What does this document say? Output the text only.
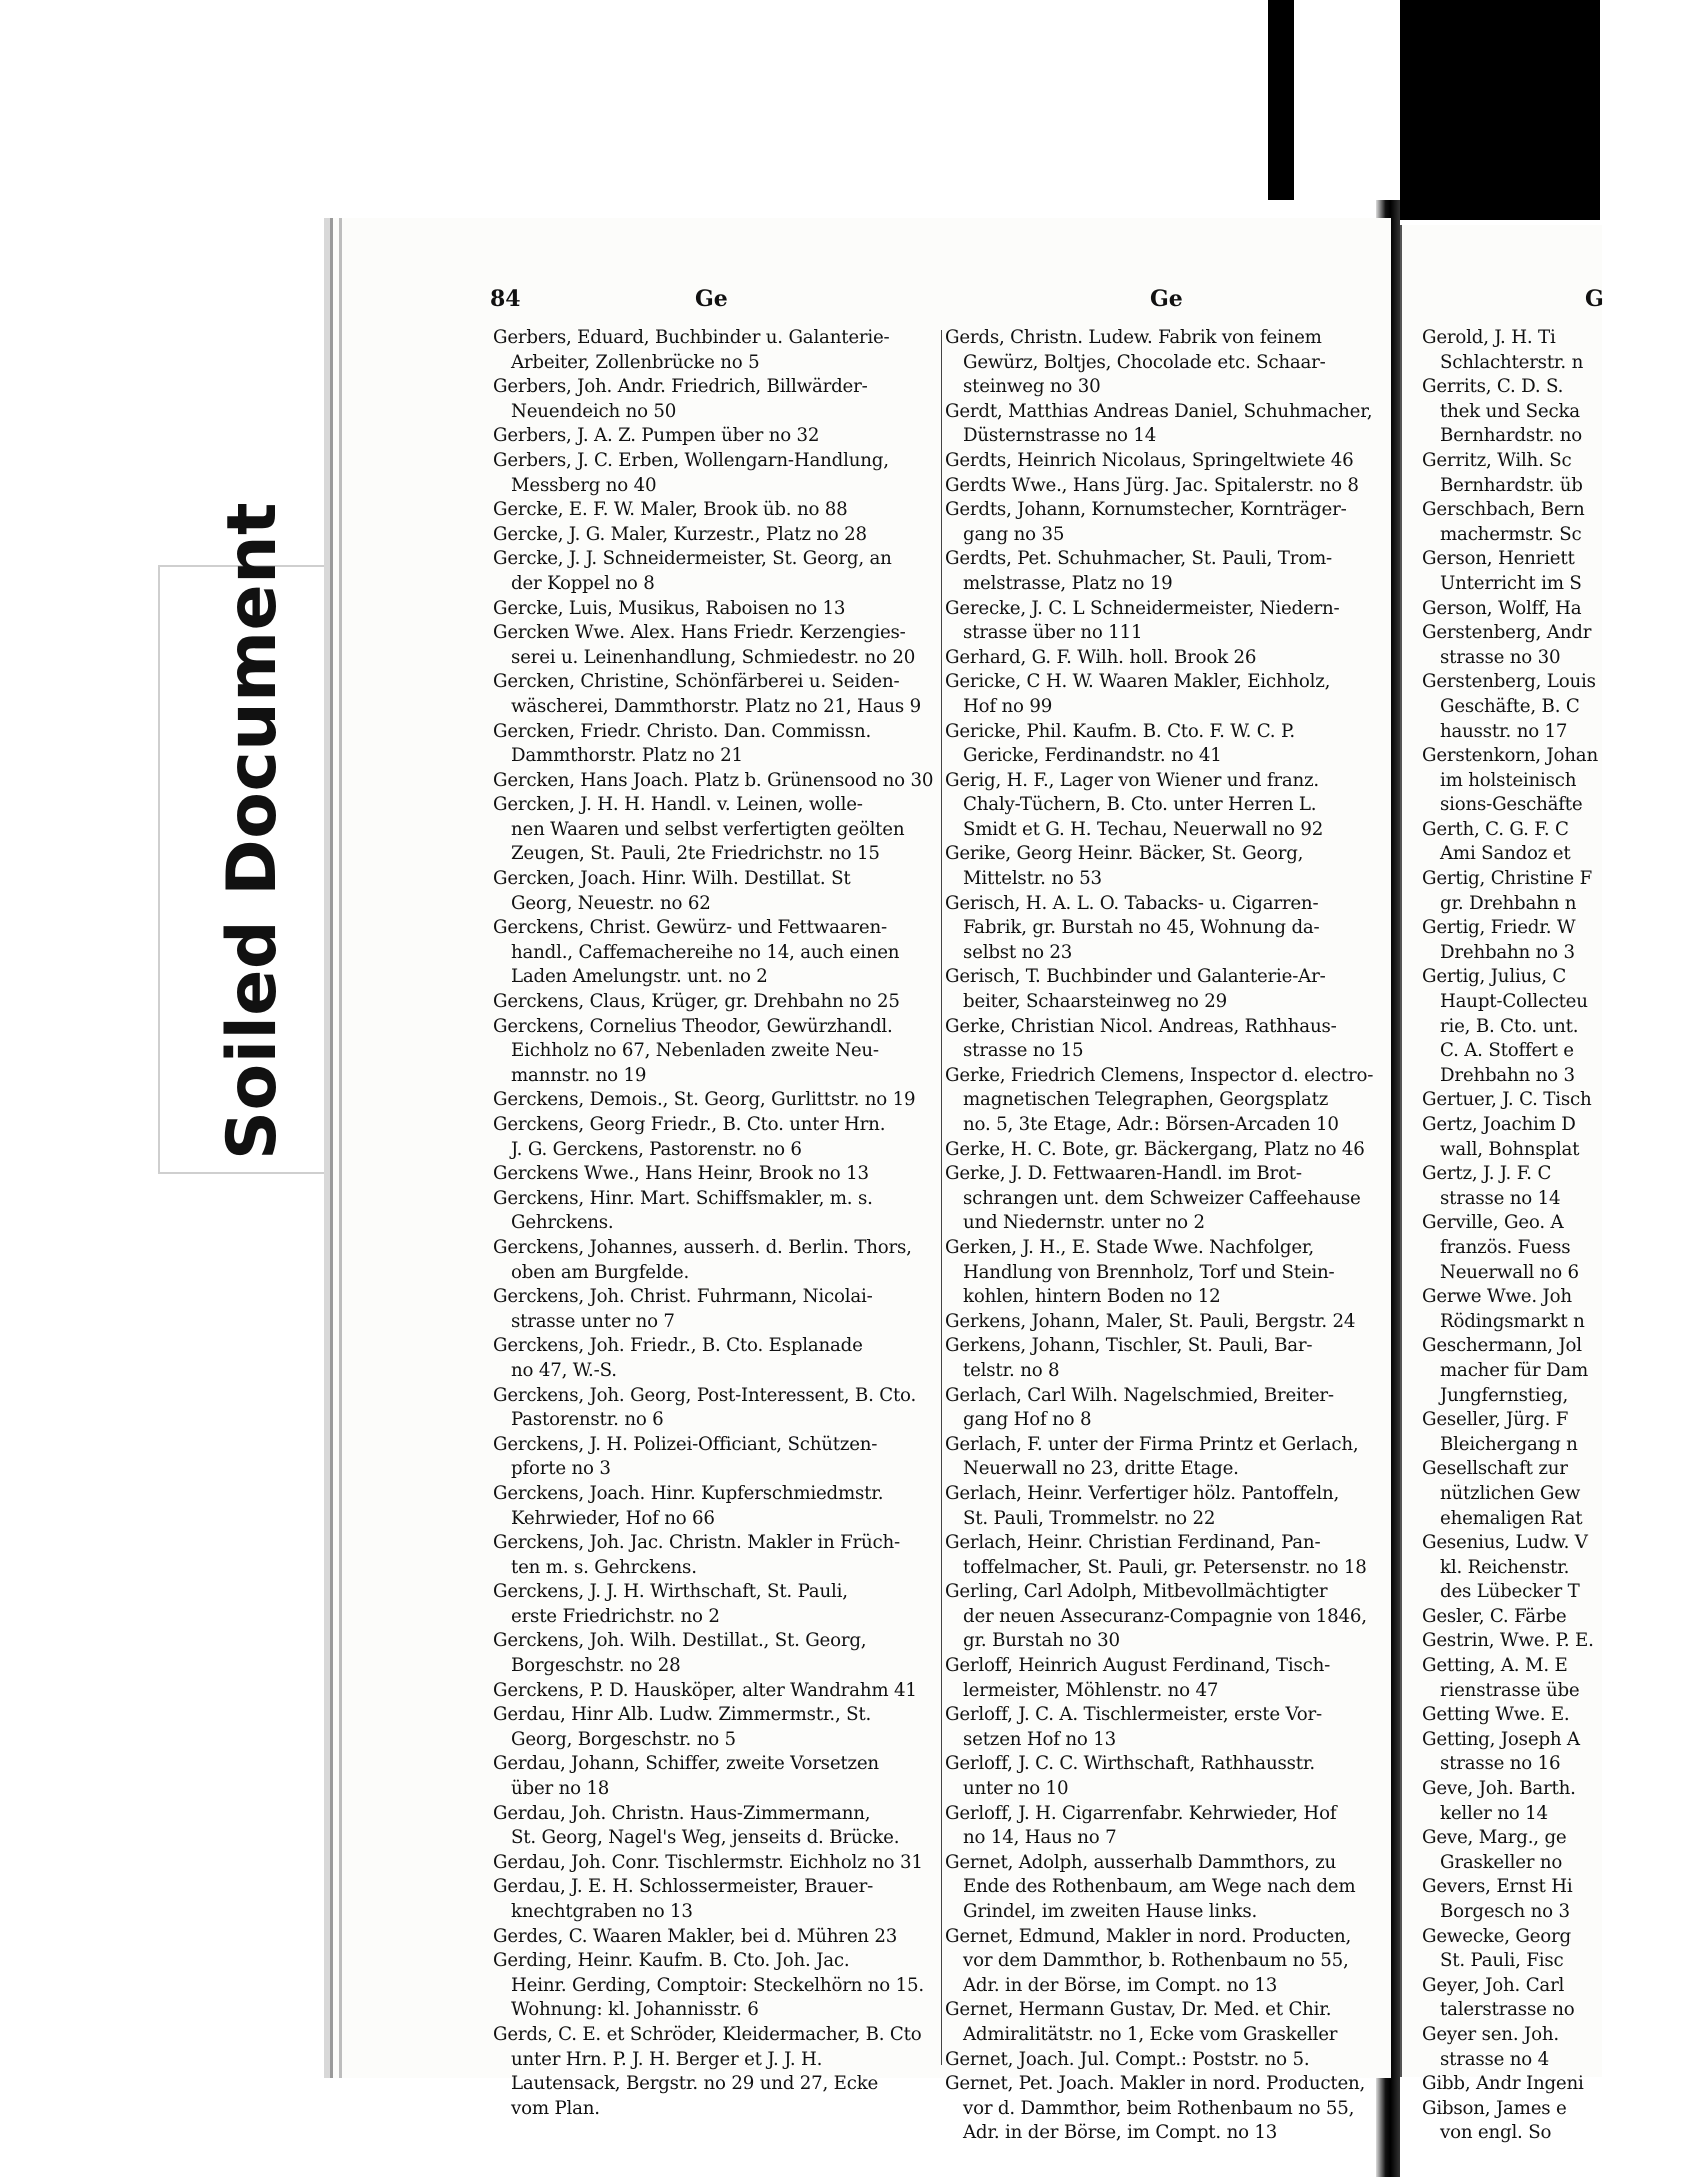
Soiled Document
84	Ge	Ge	G
Gerbers, Eduard, Buchbinder u. Galanterie-
Arbeiter, Zollenbrücke no 5
Gerbers, Joh. Andr. Friedrich, Billwärder-
Neuendeich no 50
Gerbers, J. A. Z. Pumpen über no 32
Gerbers, J. C. Erben, Wollengarn-Handlung,
Messberg no 40
Gercke, E. F. W. Maler, Brook üb. no 88
Gercke, J. G. Maler, Kurzestr., Platz no 28
Gercke, J. J. Schneidermeister, St. Georg, an
der Koppel no 8
Gercke, Luis, Musikus, Raboisen no 13
Gercken Wwe. Alex. Hans Friedr. Kerzengies-
serei u. Leinenhandlung, Schmiedestr. no 20
Gercken, Christine, Schönfärberei u. Seiden-
wäscherei, Dammthorstr. Platz no 21, Haus 9
Gercken, Friedr. Christo. Dan. Commissn.
Dammthorstr. Platz no 21
Gercken, Hans Joach. Platz b. Grünensood no 30
Gercken, J. H. H. Handl. v. Leinen, wolle-
nen Waaren und selbst verfertigten geölten
Zeugen, St. Pauli, 2te Friedrichstr. no 15
Gercken, Joach. Hinr. Wilh. Destillat. St
Georg, Neuestr. no 62
Gerckens, Christ. Gewürz- und Fettwaaren-
handl., Caffemachereihe no 14, auch einen
Laden Amelungstr. unt. no 2
Gerckens, Claus, Krüger, gr. Drehbahn no 25
Gerckens, Cornelius Theodor, Gewürzhandl.
Eichholz no 67, Nebenladen zweite Neu-
mannstr. no 19
Gerckens, Demois., St. Georg, Gurlittstr. no 19
Gerckens, Georg Friedr., B. Cto. unter Hrn.
J. G. Gerckens, Pastorenstr. no 6
Gerckens Wwe., Hans Heinr, Brook no 13
Gerckens, Hinr. Mart. Schiffsmakler, m. s.
Gehrckens.
Gerckens, Johannes, ausserh. d. Berlin. Thors,
oben am Burgfelde.
Gerckens, Joh. Christ. Fuhrmann, Nicolai-
strasse unter no 7
Gerckens, Joh. Friedr., B. Cto. Esplanade
no 47, W.-S.
Gerckens, Joh. Georg, Post-Interessent, B. Cto.
Pastorenstr. no 6
Gerckens, J. H. Polizei-Officiant, Schützen-
pforte no 3
Gerckens, Joach. Hinr. Kupferschmiedmstr.
Kehrwieder, Hof no 66
Gerckens, Joh. Jac. Christn. Makler in Früch-
ten m. s. Gehrckens.
Gerckens, J. J. H. Wirthschaft, St. Pauli,
erste Friedrichstr. no 2
Gerckens, Joh. Wilh. Destillat., St. Georg,
Borgeschstr. no 28
Gerckens, P. D. Hausköper, alter Wandrahm 41
Gerdau, Hinr Alb. Ludw. Zimmermstr., St.
Georg, Borgeschstr. no 5
Gerdau, Johann, Schiffer, zweite Vorsetzen
über no 18
Gerdau, Joh. Christn. Haus-Zimmermann,
St. Georg, Nagel's Weg, jenseits d. Brücke.
Gerdau, Joh. Conr. Tischlermstr. Eichholz no 31
Gerdau, J. E. H. Schlossermeister, Brauer-
knechtgraben no 13
Gerdes, C. Waaren Makler, bei d. Mühren 23
Gerding, Heinr. Kaufm. B. Cto. Joh. Jac.
Heinr. Gerding, Comptoir: Steckelhörn no 15.
Wohnung: kl. Johannisstr. 6
Gerds, C. E. et Schröder, Kleidermacher, B. Cto
unter Hrn. P. J. H. Berger et J. J. H.
Lautensack, Bergstr. no 29 und 27, Ecke
vom Plan.
Gerds, Christn. Ludew. Fabrik von feinem
Gewürz, Boltjes, Chocolade etc. Schaar-
steinweg no 30
Gerdt, Matthias Andreas Daniel, Schuhmacher,
Düsternstrasse no 14
Gerdts, Heinrich Nicolaus, Springeltwiete 46
Gerdts Wwe., Hans Jürg. Jac. Spitalerstr. no 8
Gerdts, Johann, Kornumstecher, Kornträger-
gang no 35
Gerdts, Pet. Schuhmacher, St. Pauli, Trom-
melstrasse, Platz no 19
Gerecke, J. C. L Schneidermeister, Niedern-
strasse über no 111
Gerhard, G. F. Wilh. holl. Brook 26
Gericke, C H. W. Waaren Makler, Eichholz,
Hof no 99
Gericke, Phil. Kaufm. B. Cto. F. W. C. P.
Gericke, Ferdinandstr. no 41
Gerig, H. F., Lager von Wiener und franz.
Chaly-Tüchern, B. Cto. unter Herren L.
Smidt et G. H. Techau, Neuerwall no 92
Gerike, Georg Heinr. Bäcker, St. Georg,
Mittelstr. no 53
Gerisch, H. A. L. O. Tabacks- u. Cigarren-
Fabrik, gr. Burstah no 45, Wohnung da-
selbst no 23
Gerisch, T. Buchbinder und Galanterie-Ar-
beiter, Schaarsteinweg no 29
Gerke, Christian Nicol. Andreas, Rathhaus-
strasse no 15
Gerke, Friedrich Clemens, Inspector d. electro-
magnetischen Telegraphen, Georgsplatz
no. 5, 3te Etage, Adr.: Börsen-Arcaden 10
Gerke, H. C. Bote, gr. Bäckergang, Platz no 46
Gerke, J. D. Fettwaaren-Handl. im Brot-
schrangen unt. dem Schweizer Caffeehause
und Niedernstr. unter no 2
Gerken, J. H., E. Stade Wwe. Nachfolger,
Handlung von Brennholz, Torf und Stein-
kohlen, hintern Boden no 12
Gerkens, Johann, Maler, St. Pauli, Bergstr. 24
Gerkens, Johann, Tischler, St. Pauli, Bar-
telstr. no 8
Gerlach, Carl Wilh. Nagelschmied, Breiter-
gang Hof no 8
Gerlach, F. unter der Firma Printz et Gerlach,
Neuerwall no 23, dritte Etage.
Gerlach, Heinr. Verfertiger hölz. Pantoffeln,
St. Pauli, Trommelstr. no 22
Gerlach, Heinr. Christian Ferdinand, Pan-
toffelmacher, St. Pauli, gr. Petersenstr. no 18
Gerling, Carl Adolph, Mitbevollmächtigter
der neuen Assecuranz-Compagnie von 1846,
gr. Burstah no 30
Gerloff, Heinrich August Ferdinand, Tisch-
lermeister, Möhlenstr. no 47
Gerloff, J. C. A. Tischlermeister, erste Vor-
setzen Hof no 13
Gerloff, J. C. C. Wirthschaft, Rathhausstr.
unter no 10
Gerloff, J. H. Cigarrenfabr. Kehrwieder, Hof
no 14, Haus no 7
Gernet, Adolph, ausserhalb Dammthors, zu
Ende des Rothenbaum, am Wege nach dem
Grindel, im zweiten Hause links.
Gernet, Edmund, Makler in nord. Producten,
vor dem Dammthor, b. Rothenbaum no 55,
Adr. in der Börse, im Compt. no 13
Gernet, Hermann Gustav, Dr. Med. et Chir.
Admiralitätstr. no 1, Ecke vom Graskeller
Gernet, Joach. Jul. Compt.: Poststr. no 5.
Gernet, Pet. Joach. Makler in nord. Producten,
vor d. Dammthor, beim Rothenbaum no 55,
Adr. in der Börse, im Compt. no 13
Gerold, J. H. Ti
Schlachterstr. n
Gerrits, C. D. S.
thek und Secka
Bernhardstr. no
Gerritz, Wilh. Sc
Bernhardstr. üb
Gerschbach, Bern
machermstr. Sc
Gerson, Henriett
Unterricht im S
Gerson, Wolff, Ha
Gerstenberg, Andr
strasse no 30
Gerstenberg, Louis
Geschäfte, B. C
hausstr. no 17
Gerstenkorn, Johan
im holsteinisch
sions-Geschäfte
Gerth, C. G. F. C
Ami Sandoz et
Gertig, Christine F
gr. Drehbahn n
Gertig, Friedr. W
Drehbahn no 3
Gertig, Julius, C
Haupt-Collecteu
rie, B. Cto. unt.
C. A. Stoffert e
Drehbahn no 3
Gertuer, J. C. Tisch
Gertz, Joachim D
wall, Bohnsplat
Gertz, J. J. F. C
strasse no 14
Gerville, Geo. A
französ. Fuess
Neuerwall no 6
Gerwe Wwe. Joh
Rödingsmarkt n
Geschermann, Jol
macher für Dam
Jungfernstieg,
Geseller, Jürg. F
Bleichergang n
Gesellschaft zur
nützlichen Gew
ehemaligen Rat
Gesenius, Ludw. V
kl. Reichenstr.
des Lübecker T
Gesler, C. Färbe
Gestrin, Wwe. P. E.
Getting, A. M. E
rienstrasse übe
Getting Wwe. E.
Getting, Joseph A
strasse no 16
Geve, Joh. Barth.
keller no 14
Geve, Marg., ge
Graskeller no
Gevers, Ernst Hi
Borgesch no 3
Gewecke, Georg
St. Pauli, Fisc
Geyer, Joh. Carl
talerstrasse no
Geyer sen. Joh.
strasse no 4
Gibb, Andr Ingeni
Gibson, James e
von engl. So
